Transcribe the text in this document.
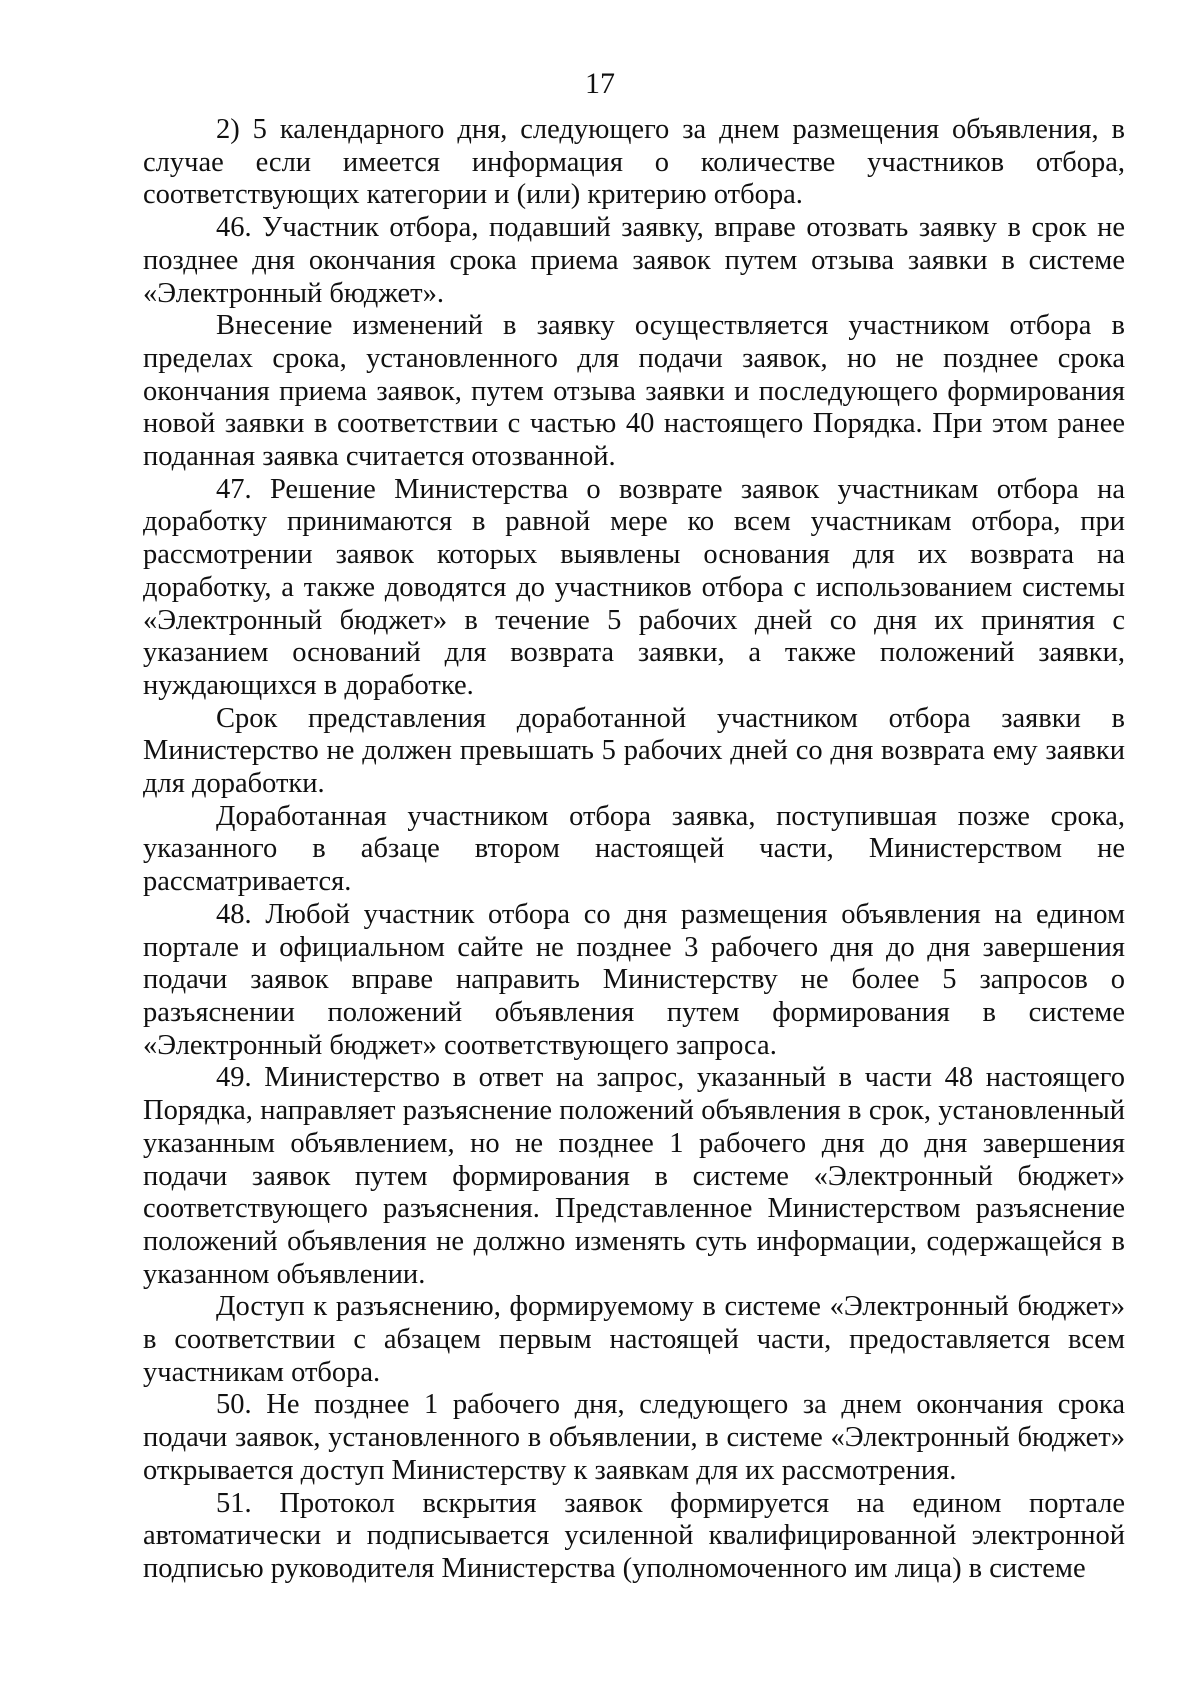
17

2) 5 календарного дня, следующего за днем размещения объявления, в случае если имеется информация о количестве участников отбора, соответствующих категории и (или) критерию отбора.

46. Участник отбора, подавший заявку, вправе отозвать заявку в срок не позднее дня окончания срока приема заявок путем отзыва заявки в системе «Электронный бюджет».

Внесение изменений в заявку осуществляется участником отбора в пределах срока, установленного для подачи заявок, но не позднее срока окончания приема заявок, путем отзыва заявки и последующего формирования новой заявки в соответствии с частью 40 настоящего Порядка. При этом ранее поданная заявка считается отозванной.

47. Решение Министерства о возврате заявок участникам отбора на доработку принимаются в равной мере ко всем участникам отбора, при рассмотрении заявок которых выявлены основания для их возврата на доработку, а также доводятся до участников отбора с использованием системы «Электронный бюджет» в течение 5 рабочих дней со дня их принятия с указанием оснований для возврата заявки, а также положений заявки, нуждающихся в доработке.

Срок представления доработанной участником отбора заявки в Министерство не должен превышать 5 рабочих дней со дня возврата ему заявки для доработки.

Доработанная участником отбора заявка, поступившая позже срока, указанного в абзаце втором настоящей части, Министерством не рассматривается.

48. Любой участник отбора со дня размещения объявления на едином портале и официальном сайте не позднее 3 рабочего дня до дня завершения подачи заявок вправе направить Министерству не более 5 запросов о разъяснении положений объявления путем формирования в системе «Электронный бюджет» соответствующего запроса.

49. Министерство в ответ на запрос, указанный в части 48 настоящего Порядка, направляет разъяснение положений объявления в срок, установленный указанным объявлением, но не позднее 1 рабочего дня до дня завершения подачи заявок путем формирования в системе «Электронный бюджет» соответствующего разъяснения. Представленное Министерством разъяснение положений объявления не должно изменять суть информации, содержащейся в указанном объявлении.

Доступ к разъяснению, формируемому в системе «Электронный бюджет» в соответствии с абзацем первым настоящей части, предоставляется всем участникам отбора.

50. Не позднее 1 рабочего дня, следующего за днем окончания срока подачи заявок, установленного в объявлении, в системе «Электронный бюджет» открывается доступ Министерству к заявкам для их рассмотрения.

51. Протокол вскрытия заявок формируется на едином портале автоматически и подписывается усиленной квалифицированной электронной подписью руководителя Министерства (уполномоченного им лица) в системе
